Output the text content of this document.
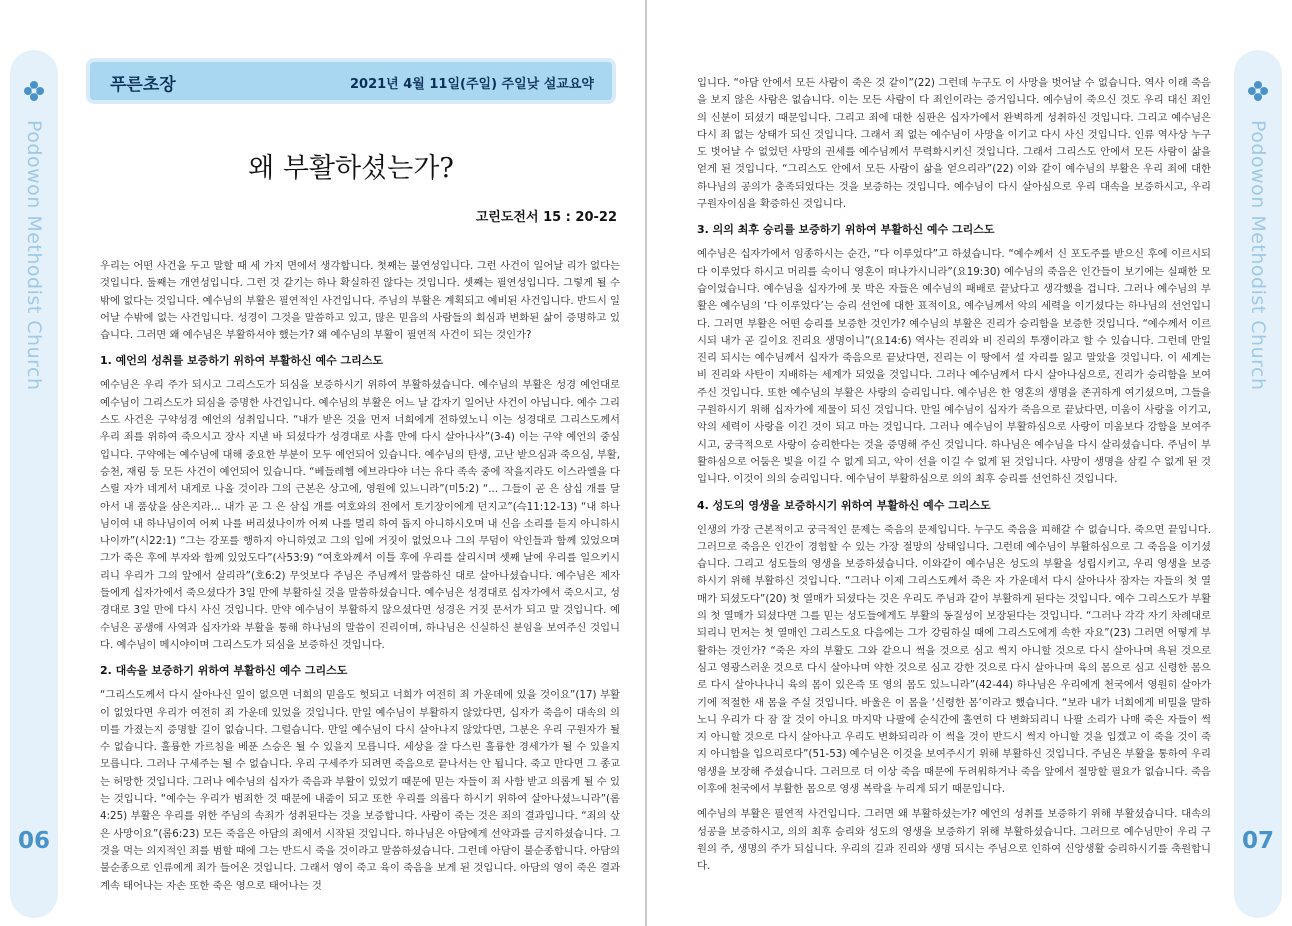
Podowon Methodist Church
06
푸른초장	2021년 4월 11일(주일) 주일낮 설교요약
왜 부활하셨는가?
고린도전서 15 : 20-22

우리는 어떤 사건을 두고 말할 때 세 가지 면에서 생각합니다. 첫째는 불연성입니다. 그런 사건이 일어날 리가 없다는 것입니다. 둘째는 개연성입니다. 그런 것 같기는 하나 확실하진 않다는 것입니다. 셋째는 필연성입니다. 그렇게 될 수밖에 없다는 것입니다. 예수님의 부활은 필연적인 사건입니다. 주님의 부활은 계획되고 예비된 사건입니다. 반드시 일어날 수밖에 없는 사건입니다. 성경이 그것을 말씀하고 있고, 많은 믿음의 사람들의 회심과 변화된 삶이 증명하고 있습니다. 그러면 왜 예수님은 부활하셔야 했는가? 왜 예수님의 부활이 필연적 사건이 되는 것인가?

1. 예언의 성취를 보증하기 위하여 부활하신 예수 그리스도

예수님은 우리 주가 되시고 그리스도가 되심을 보증하시기 위하여 부활하셨습니다. 예수님의 부활은 성경 예언대로 예수님이 그리스도가 되심을 증명한 사건입니다. 예수님의 부활은 어느 날 갑자기 일어난 사건이 아닙니다. 예수 그리스도 사건은 구약성경 예언의 성취입니다. “내가 받은 것을 먼저 너희에게 전하였노니 이는 성경대로 그리스도께서 우리 죄를 위하여 죽으시고 장사 지낸 바 되셨다가 성경대로 사흘 만에 다시 살아나사”(3-4) 이는 구약 예언의 중심입니다. 구약에는 예수님에 대해 중요한 부분이 모두 예언되어 있습니다. 예수님의 탄생, 고난 받으심과 죽으심, 부활, 승천, 재림 등 모든 사건이 예언되어 있습니다. “베들레헴 에브라다야 너는 유다 족속 중에 작을지라도 이스라엘을 다스릴 자가 네게서 내게로 나올 것이라 그의 근본은 상고에, 영원에 있느니라”(미5:2) “... 그들이 곧 은 삼십 개를 달아서 내 품삯을 삼은지라... 내가 곧 그 은 삼십 개를 여호와의 전에서 토기장이에게 던지고”(슥11:12-13) “내 하나님이여 내 하나님이여 어찌 나를 버리셨나이까 어찌 나를 멀리 하여 돕지 아니하시오며 내 신음 소리를 듣지 아니하시나이까”(시22:1) “그는 강포를 행하지 아니하였고 그의 입에 거짓이 없었으나 그의 무덤이 악인들과 함께 있었으며 그가 죽은 후에 부자와 함께 있었도다”(사53:9) “여호와께서 이틀 후에 우리를 살리시며 셋째 날에 우리를 일으키시리니 우리가 그의 앞에서 살리라”(호6:2) 무엇보다 주님은 주님께서 말씀하신 대로 살아나셨습니다. 예수님은 제자들에게 십자가에서 죽으셨다가 3일 만에 부활하실 것을 말씀하셨습니다. 예수님은 성경대로 십자가에서 죽으시고, 성경대로 3일 만에 다시 사신 것입니다. 만약 예수님이 부활하지 않으셨다면 성경은 거짓 문서가 되고 말 것입니다. 예수님은 공생애 사역과 십자가와 부활을 통해 하나님의 말씀이 진리이며, 하나님은 신실하신 분임을 보여주신 것입니다. 예수님이 메시야이며 그리스도가 되심을 보증하신 것입니다.

2. 대속을 보증하기 위하여 부활하신 예수 그리스도

“그리스도께서 다시 살아나신 일이 없으면 너희의 믿음도 헛되고 너희가 여전히 죄 가운데에 있을 것이요”(17) 부활이 없었다면 우리가 여전히 죄 가운데 있었을 것입니다. 만일 예수님이 부활하지 않았다면, 십자가 죽음이 대속의 의미를 가졌는지 증명할 길이 없습니다. 그럴습니다. 만일 예수님이 다시 살아나지 않았다면, 그분은 우리 구원자가 될 수 없습니다. 훌륭한 가르침을 베푼 스승은 될 수 있을지 모릅니다. 세상을 잘 다스린 훌륭한 경세가가 될 수 있을지 모릅니다. 그러나 구세주는 될 수 없습니다. 우리 구세주가 되려면 죽음으로 끝나서는 안 됩니다. 죽고 만다면 그 종교는 허망한 것입니다. 그러나 예수님의 십자가 죽음과 부활이 있었기 때문에 믿는 자들이 죄 사함 받고 의롭게 될 수 있는 것입니다. “예수는 우리가 범죄한 것 때문에 내줌이 되고 또한 우리를 의롭다 하시기 위하여 살아나셨느니라”(롬4:25) 부활은 우리를 위한 주님의 속죄가 성취된다는 것을 보증합니다. 사람이 죽는 것은 죄의 결과입니다. “죄의 삯은 사망이요”(롬6:23) 모든 죽음은 아담의 죄에서 시작된 것입니다. 하나님은 아담에게 선악과를 금지하셨습니다. 그것을 먹는 의지적인 죄를 범할 때에 그는 반드시 죽을 것이라고 말씀하셨습니다. 그런데 아담이 불순종합니다. 아담의 불순종으로 인류에게 죄가 들어온 것입니다. 그래서 영이 죽고 육이 죽음을 보게 된 것입니다. 아담의 영이 죽은 결과 계속 태어나는 자손 또한 죽은 영으로 태어나는 것

Podowon Methodist Church
07

입니다. “아담 안에서 모든 사람이 죽은 것 같이”(22) 그런데 누구도 이 사망을 벗어날 수 없습니다. 역사 이래 죽음을 보지 않은 사람은 없습니다. 이는 모든 사람이 다 죄인이라는 증거입니다. 예수님이 죽으신 것도 우리 대신 죄인의 신분이 되셨기 때문입니다. 그리고 죄에 대한 심판은 십자가에서 완벽하게 성취하신 것입니다. 그리고 예수님은 다시 죄 없는 상태가 되신 것입니다. 그래서 죄 없는 예수님이 사망을 이기고 다시 사신 것입니다. 인류 역사상 누구도 벗어날 수 없었던 사망의 권세를 예수님께서 무력화시키신 것입니다. 그래서 그리스도 안에서 모든 사람이 삶을 얻게 된 것입니다. “그리스도 안에서 모든 사람이 삶을 얻으리라”(22) 이와 같이 예수님의 부활은 우리 죄에 대한 하나님의 공의가 충족되었다는 것을 보증하는 것입니다. 예수님이 다시 살아심으로 우리 대속을 보증하시고, 우리 구원자이심을 확증하신 것입니다.

3. 의의 최후 승리를 보증하기 위하여 부활하신 예수 그리스도

예수님은 십자가에서 임종하시는 순간, “다 이루었다”고 하셨습니다. “예수께서 신 포도주를 받으신 후에 이르시되 다 이루었다 하시고 머리를 숙이니 영혼이 떠나가시니라”(요19:30) 예수님의 죽음은 인간들이 보기에는 실패한 모습이었습니다. 예수님을 십자가에 못 박은 자들은 예수님의 패배로 끝났다고 생각했을 겁니다. 그러나 예수님의 부활은 예수님의 ‘다 이루었다’는 승리 선언에 대한 표적이요, 예수님께서 악의 세력을 이기셨다는 하나님의 선언입니다. 그러면 부활은 어떤 승리를 보증한 것인가? 예수님의 부활은 진리가 승리함을 보증한 것입니다. “예수께서 이르시되 내가 곧 길이요 진리요 생명이니”(요14:6) 역사는 진리와 비 진리의 투쟁이라고 할 수 있습니다. 그런데 만일 진리 되시는 예수님께서 십자가 죽음으로 끝났다면, 진리는 이 땅에서 설 자리를 잃고 말았을 것입니다. 이 세계는 비 진리와 사탄이 지배하는 세계가 되었을 것입니다. 그러나 예수님께서 다시 살아나심으로, 진리가 승리함을 보여주신 것입니다. 또한 예수님의 부활은 사랑의 승리입니다. 예수님은 한 영혼의 생명을 존귀하게 여기셨으며, 그들을 구원하시기 위해 십자가에 제물이 되신 것입니다. 만일 예수님이 십자가 죽음으로 끝났다면, 미움이 사랑을 이기고, 악의 세력이 사랑을 이긴 것이 되고 마는 것입니다. 그러나 예수님이 부활하심으로 사랑이 미움보다 강함을 보여주시고, 궁극적으로 사랑이 승리한다는 것을 증명해 주신 것입니다. 하나님은 예수님을 다시 살리셨습니다. 주님이 부활하심으로 어둠은 빛을 이길 수 없게 되고, 악이 선을 이길 수 없게 된 것입니다. 사망이 생명을 삼킬 수 없게 된 것입니다. 이것이 의의 승리입니다. 예수님이 부활하심으로 의의 최후 승리를 선언하신 것입니다.

4. 성도의 영생을 보증하시기 위하여 부활하신 예수 그리스도

인생의 가장 근본적이고 궁극적인 문제는 죽음의 문제입니다. 누구도 죽음을 피해갈 수 없습니다. 죽으면 끝입니다. 그러므로 죽음은 인간이 경험할 수 있는 가장 절망의 상태입니다. 그런데 예수님이 부활하심으로 그 죽음을 이기셨습니다. 그리고 성도들의 영생을 보증하셨습니다. 이와같이 예수님은 성도의 부활을 성립시키고, 우리 영생을 보증하시기 위해 부활하신 것입니다. “그러나 이제 그리스도께서 죽은 자 가운데서 다시 살아나사 잠자는 자들의 첫 열매가 되셨도다”(20) 첫 열매가 되셨다는 것은 우리도 주님과 같이 부활하게 된다는 것입니다. 예수 그리스도가 부활의 첫 열매가 되셨다면 그를 믿는 성도들에게도 부활의 동질성이 보장된다는 것입니다. “그러나 각각 자기 차례대로 되리니 먼저는 첫 열매인 그리스도요 다음에는 그가 강림하실 때에 그리스도에게 속한 자요”(23) 그러면 어떻게 부활하는 것인가? “죽은 자의 부활도 그와 같으니 썩을 것으로 심고 썩지 아니할 것으로 다시 살아나며 욕된 것으로 심고 영광스러운 것으로 다시 살아나며 약한 것으로 심고 강한 것으로 다시 살아나며 육의 몸으로 심고 신령한 몸으로 다시 살아나나니 육의 몸이 있은즉 또 영의 몸도 있느니라”(42-44) 하나님은 우리에게 천국에서 영원히 살아가기에 적절한 새 몸을 주실 것입니다. 바울은 이 몸을 ‘신령한 몸’이라고 했습니다. “보라 내가 너희에게 비밀을 말하노니 우리가 다 잠 잘 것이 아니요 마지막 나팔에 순식간에 홀연히 다 변화되리니 나팔 소리가 나매 죽은 자들이 썩지 아니할 것으로 다시 살아나고 우리도 변화되리라 이 썩을 것이 반드시 썩지 아니할 것을 입겠고 이 죽을 것이 죽지 아니함을 입으리로다”(51-53) 예수님은 이것을 보여주시기 위해 부활하신 것입니다. 주님은 부활을 통하여 우리 영생을 보장해 주셨습니다. 그러므로 더 이상 죽음 때문에 두려워하거나 죽음 앞에서 절망할 필요가 없습니다. 죽음 이후에 천국에서 부활한 몸으로 영생 복락을 누리게 되기 때문입니다.

예수님의 부활은 필연적 사건입니다. 그러면 왜 부활하셨는가? 예언의 성취를 보증하기 위해 부활셨습니다. 대속의 성공을 보증하시고, 의의 최후 승리와 성도의 영생을 보증하기 위해 부활하셨습니다. 그러므로 예수님만이 우리 구원의 주, 생명의 주가 되십니다. 우리의 길과 진리와 생명 되시는 주님으로 인하여 신앙생활 승리하시기를 축원합니다.
